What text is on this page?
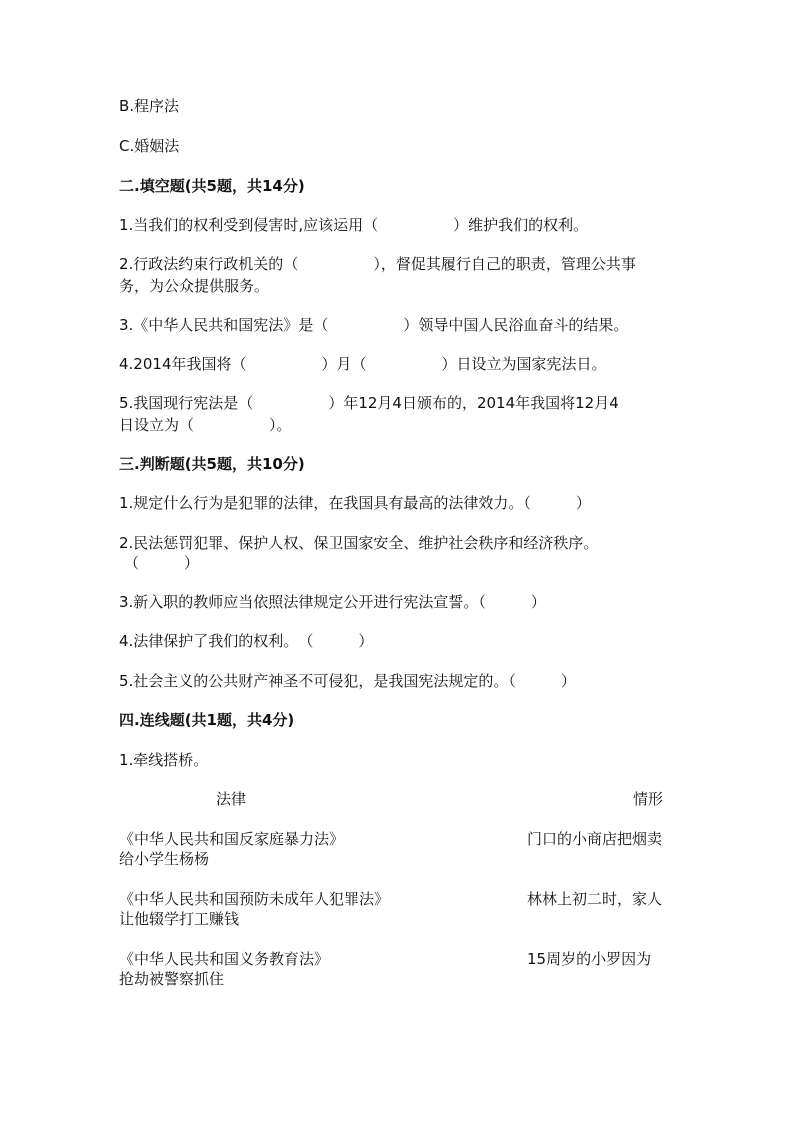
B.程序法
C.婚姻法
二.填空题(共5题，共14分)
1.当我们的权利受到侵害时,应该运用（　　　　　）维护我们的权利。
2.行政法约束行政机关的（　　　　　），督促其履行自己的职责，管理公共事
务，为公众提供服务。
3.《中华人民共和国宪法》是（　　　　　）领导中国人民浴血奋斗的结果。
4.2014年我国将（　　　　　）月（　　　　　）日设立为国家宪法日。
5.我国现行宪法是（　　　　　）年12月4日颁布的，2014年我国将12月4
日设立为（　　　　　）。
三.判断题(共5题，共10分)
1.规定什么行为是犯罪的法律，在我国具有最高的法律效力。（　　　）
2.民法惩罚犯罪、保护人权、保卫国家安全、维护社会秩序和经济秩序。
（　　　）
3.新入职的教师应当依照法律规定公开进行宪法宣誓。（　　　）
4.法律保护了我们的权利。　（　　　）
5.社会主义的公共财产神圣不可侵犯，是我国宪法规定的。（　　　）
四.连线题(共1题，共4分)
1.牵线搭桥。
法律	情形
《中华人民共和国反家庭暴力法》	门口的小商店把烟卖
给小学生杨杨
《中华人民共和国预防未成年人犯罪法》	林林上初二时，家人
让他辍学打工赚钱
《中华人民共和国义务教育法》	15周岁的小罗因为
抢劫被警察抓住
